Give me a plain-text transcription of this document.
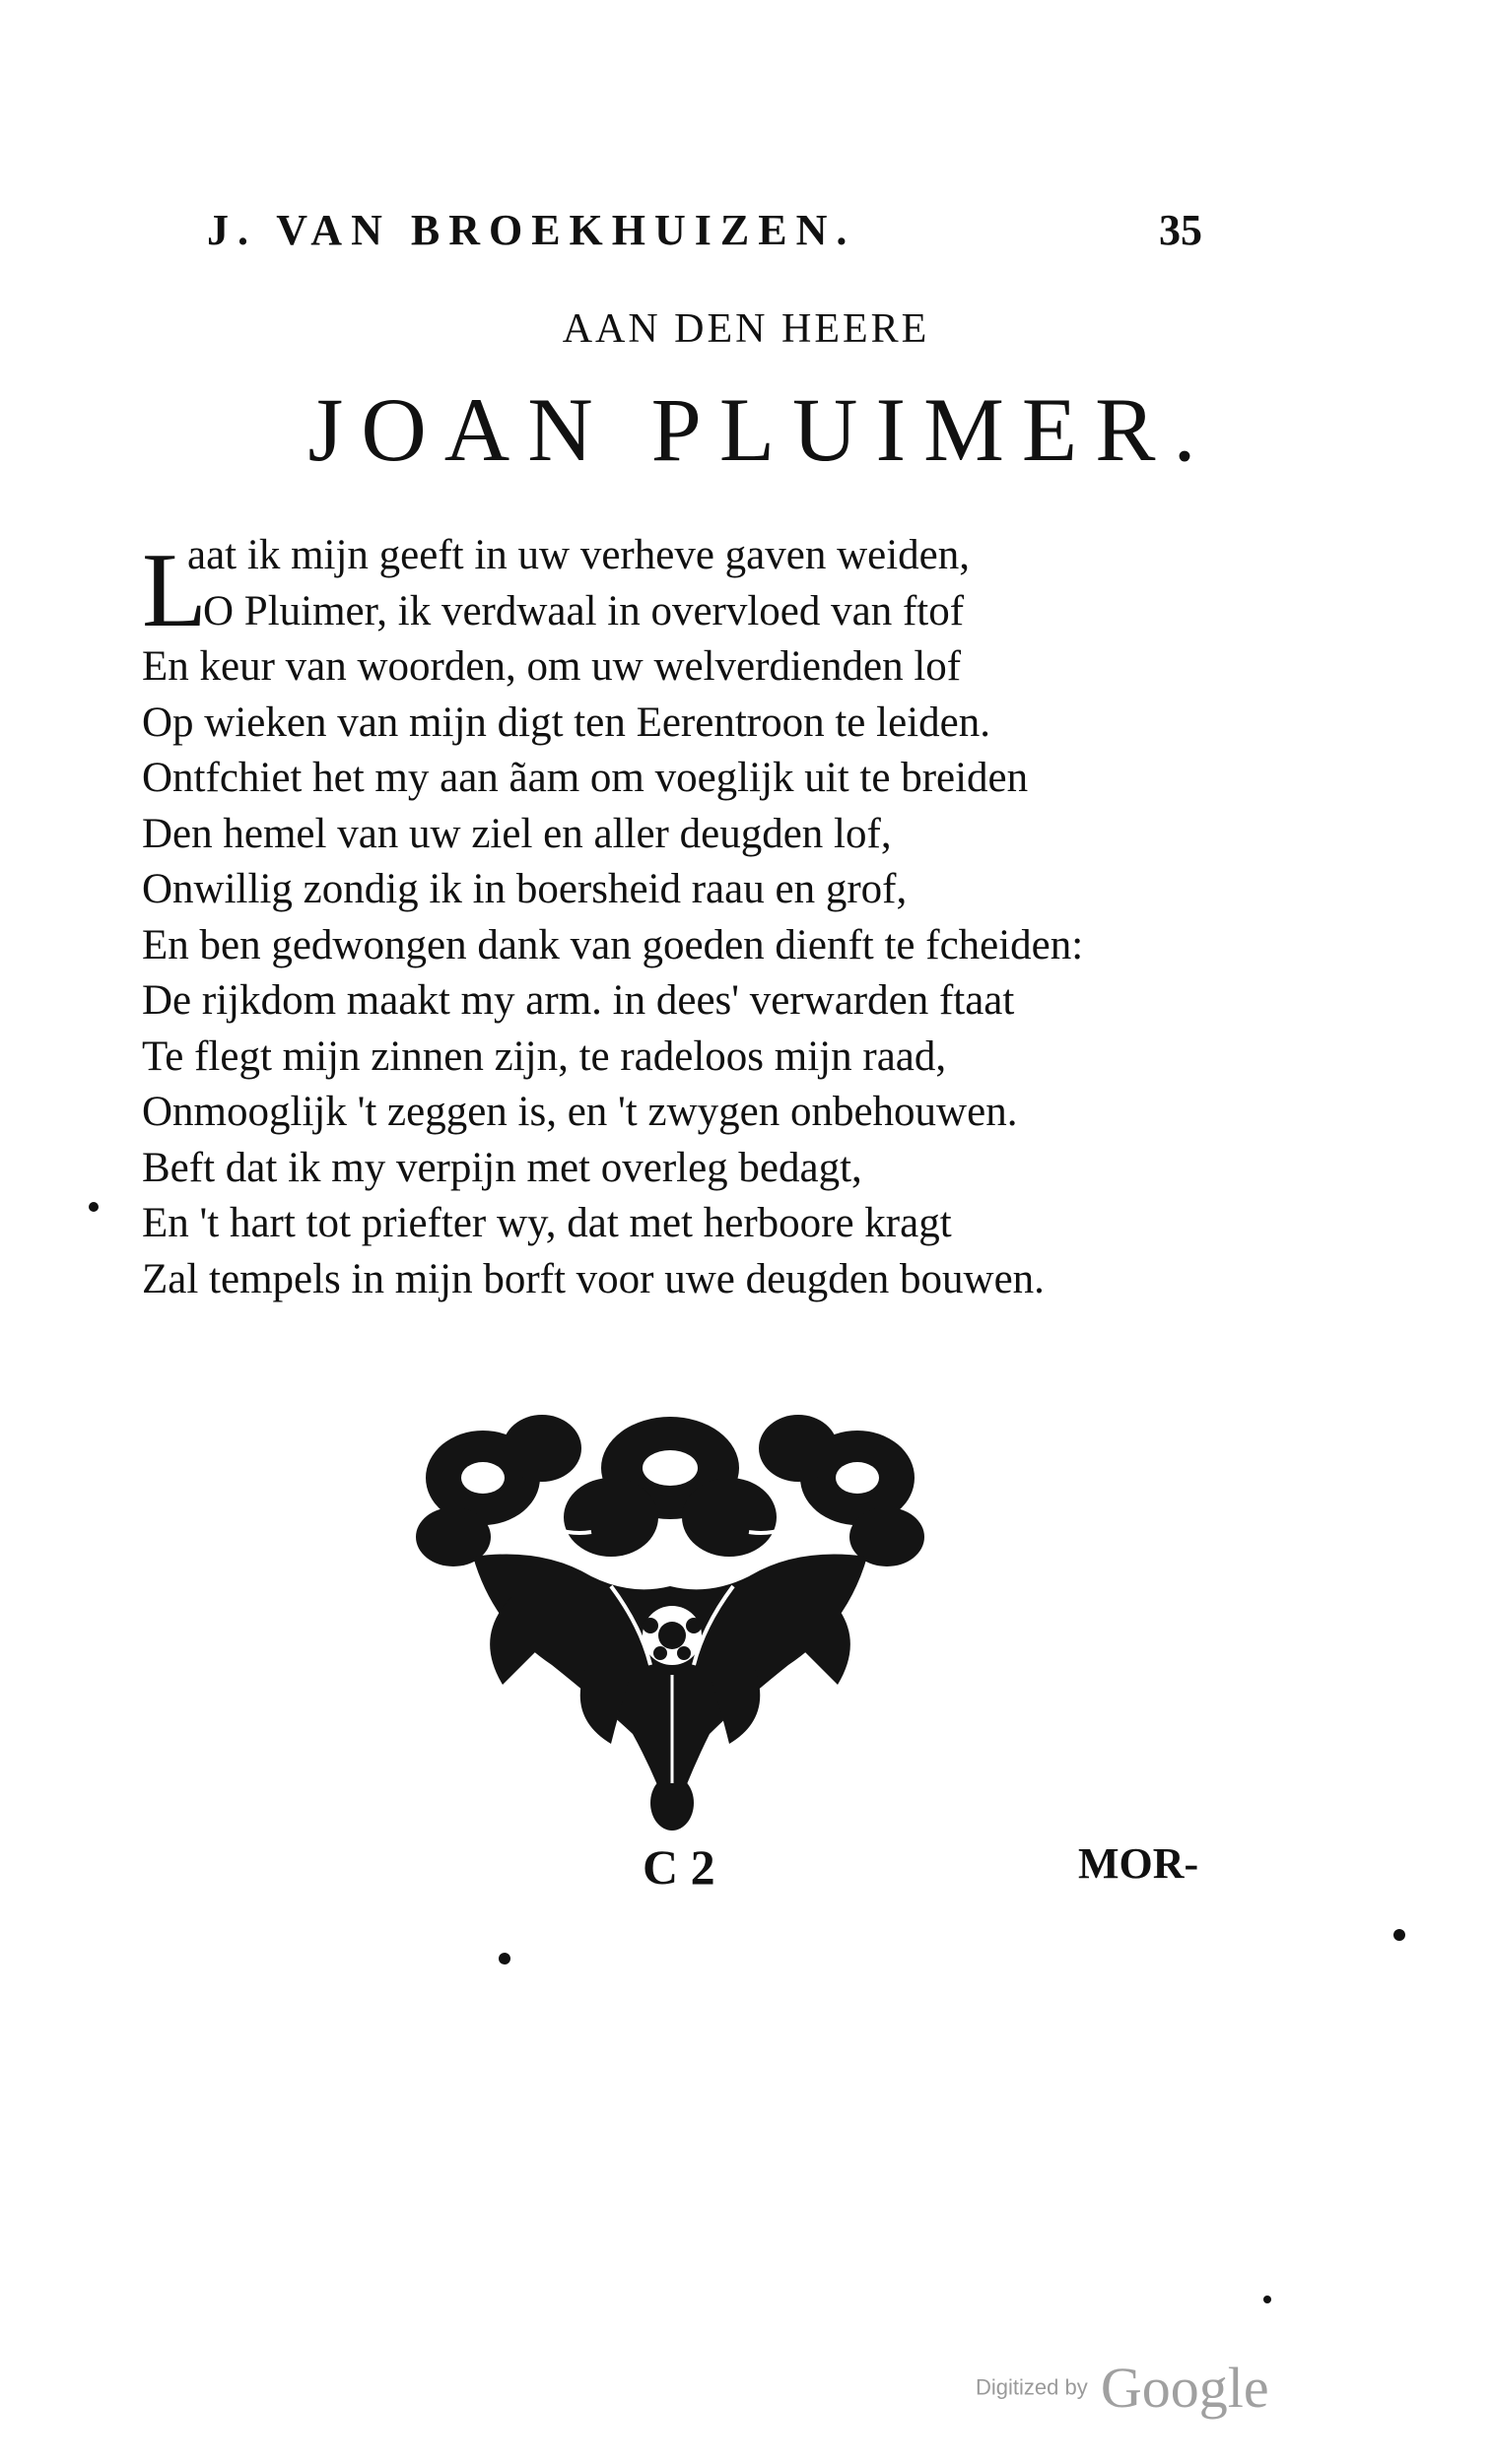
J. VAN BROEKHUIZEN.	35
AAN DEN HEERE
JOAN PLUIMER.
L
aat ik mijn geeft in uw verheve gaven weiden,
O Pluimer, ik verdwaal in overvloed van ftof
En keur van woorden, om uw welverdienden lof
Op wieken van mijn digt ten Eerentroon te leiden.
Ontfchiet het my aan ãam om voeglijk uit te breiden
Den hemel van uw ziel en aller deugden lof,
Onwillig zondig ik in boersheid raau en grof,
En ben gedwongen dank van goeden dienft te fcheiden:
De rijkdom maakt my arm. in dees' verwarden ftaat
Te flegt mijn zinnen zijn, te radeloos mijn raad,
Onmooglijk 't zeggen is, en 't zwygen onbehouwen.
Beft dat ik my verpijn met overleg bedagt,
En 't hart tot priefter wy, dat met herboore kragt
Zal tempels in mijn borft voor uwe deugden bouwen.
C 2	MOR-
Digitized by Google
